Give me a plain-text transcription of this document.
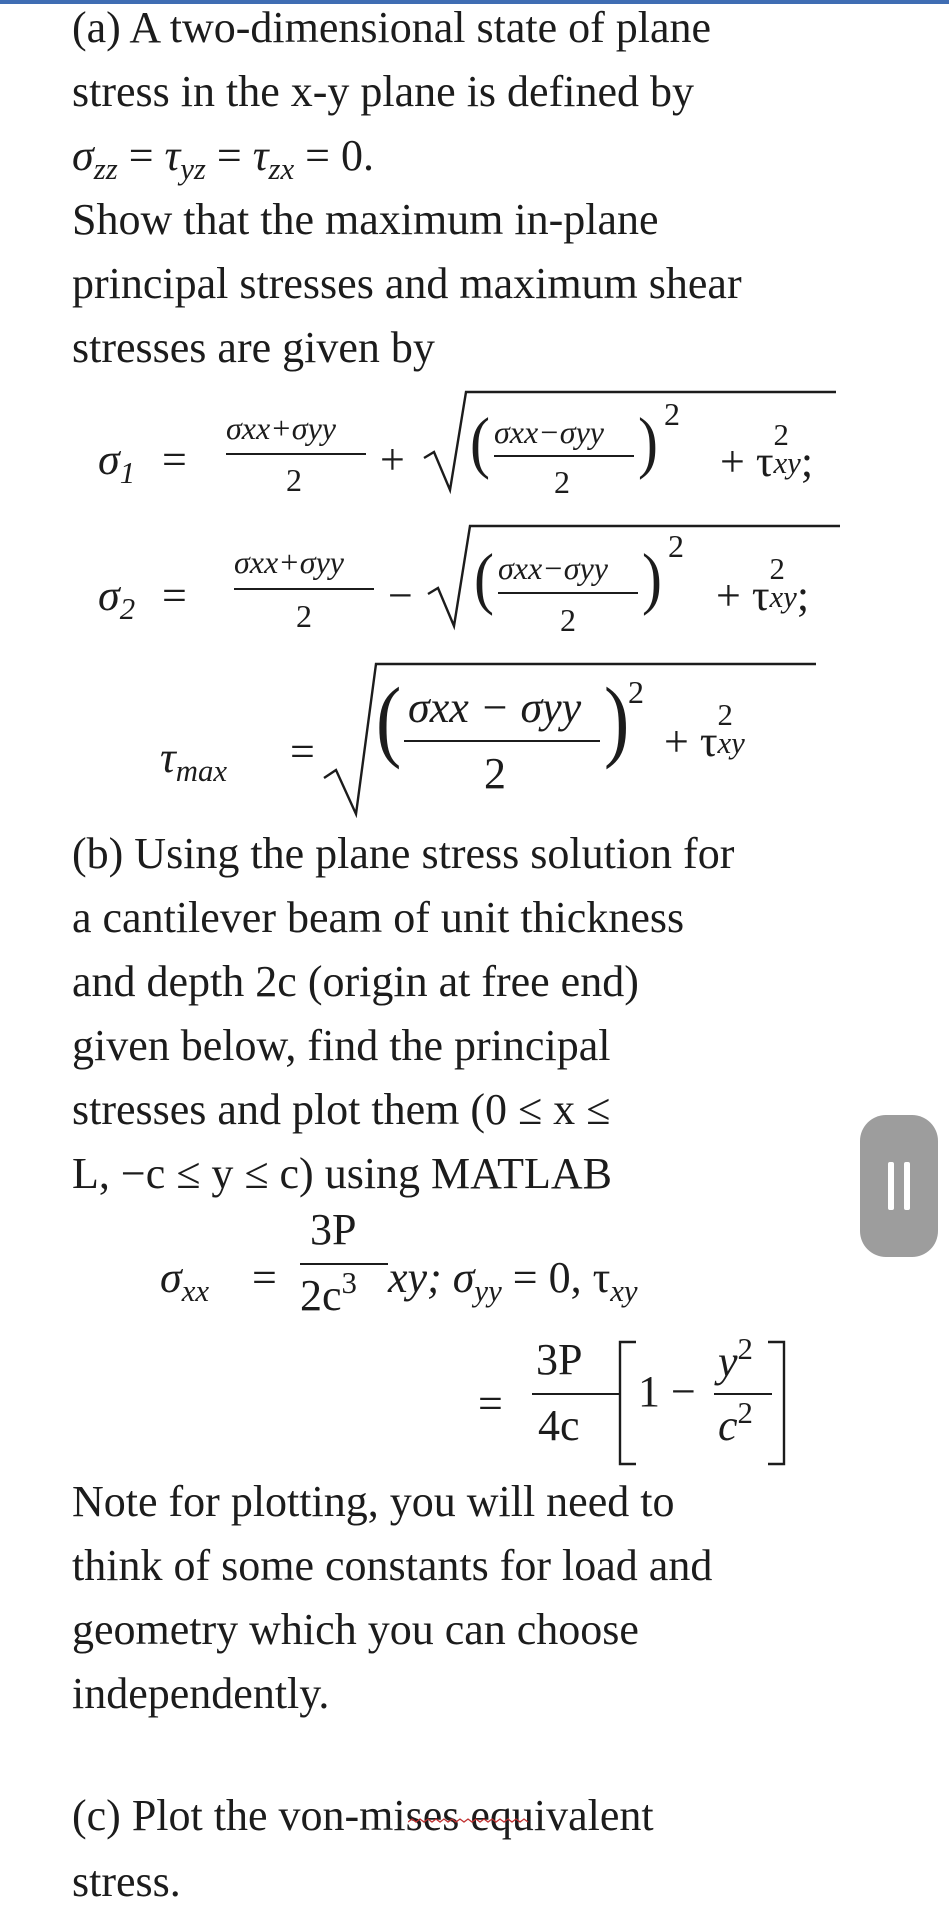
(a) A two-dimensional state of plane
stress in the x-y plane is defined by
σzz = τyz = τzx = 0.
Show that the maximum in-plane
principal stresses and maximum shear
stresses are given by
σ1 =
σxx+σyy
2 + ( σxx−σyy
2
) 2
+ τ
2
xy ;
σ2 =
σxx+σyy
2 − ( σxx−σyy
2
) 2
+ τ
2
xy ;
τmax = ( σxx − σyy
2
)
2
+ τ
2
xy
(b) Using the plane stress solution for
a cantilever beam of unit thickness
and depth 2c (origin at free end)
given below, find the principal
stresses and plot them (0 ≤ x ≤
L, −c ≤ y ≤ c) using MATLAB
σxx =
3P
$2c^3$ xy; σyy = 0, τxy
=
3P
4c
1 −
$y^2$
$c^2$
Note for plotting, you will need to
think of some constants for load and
geometry which you can choose
independently.
(c) Plot the von-mises equivalent
stress.
